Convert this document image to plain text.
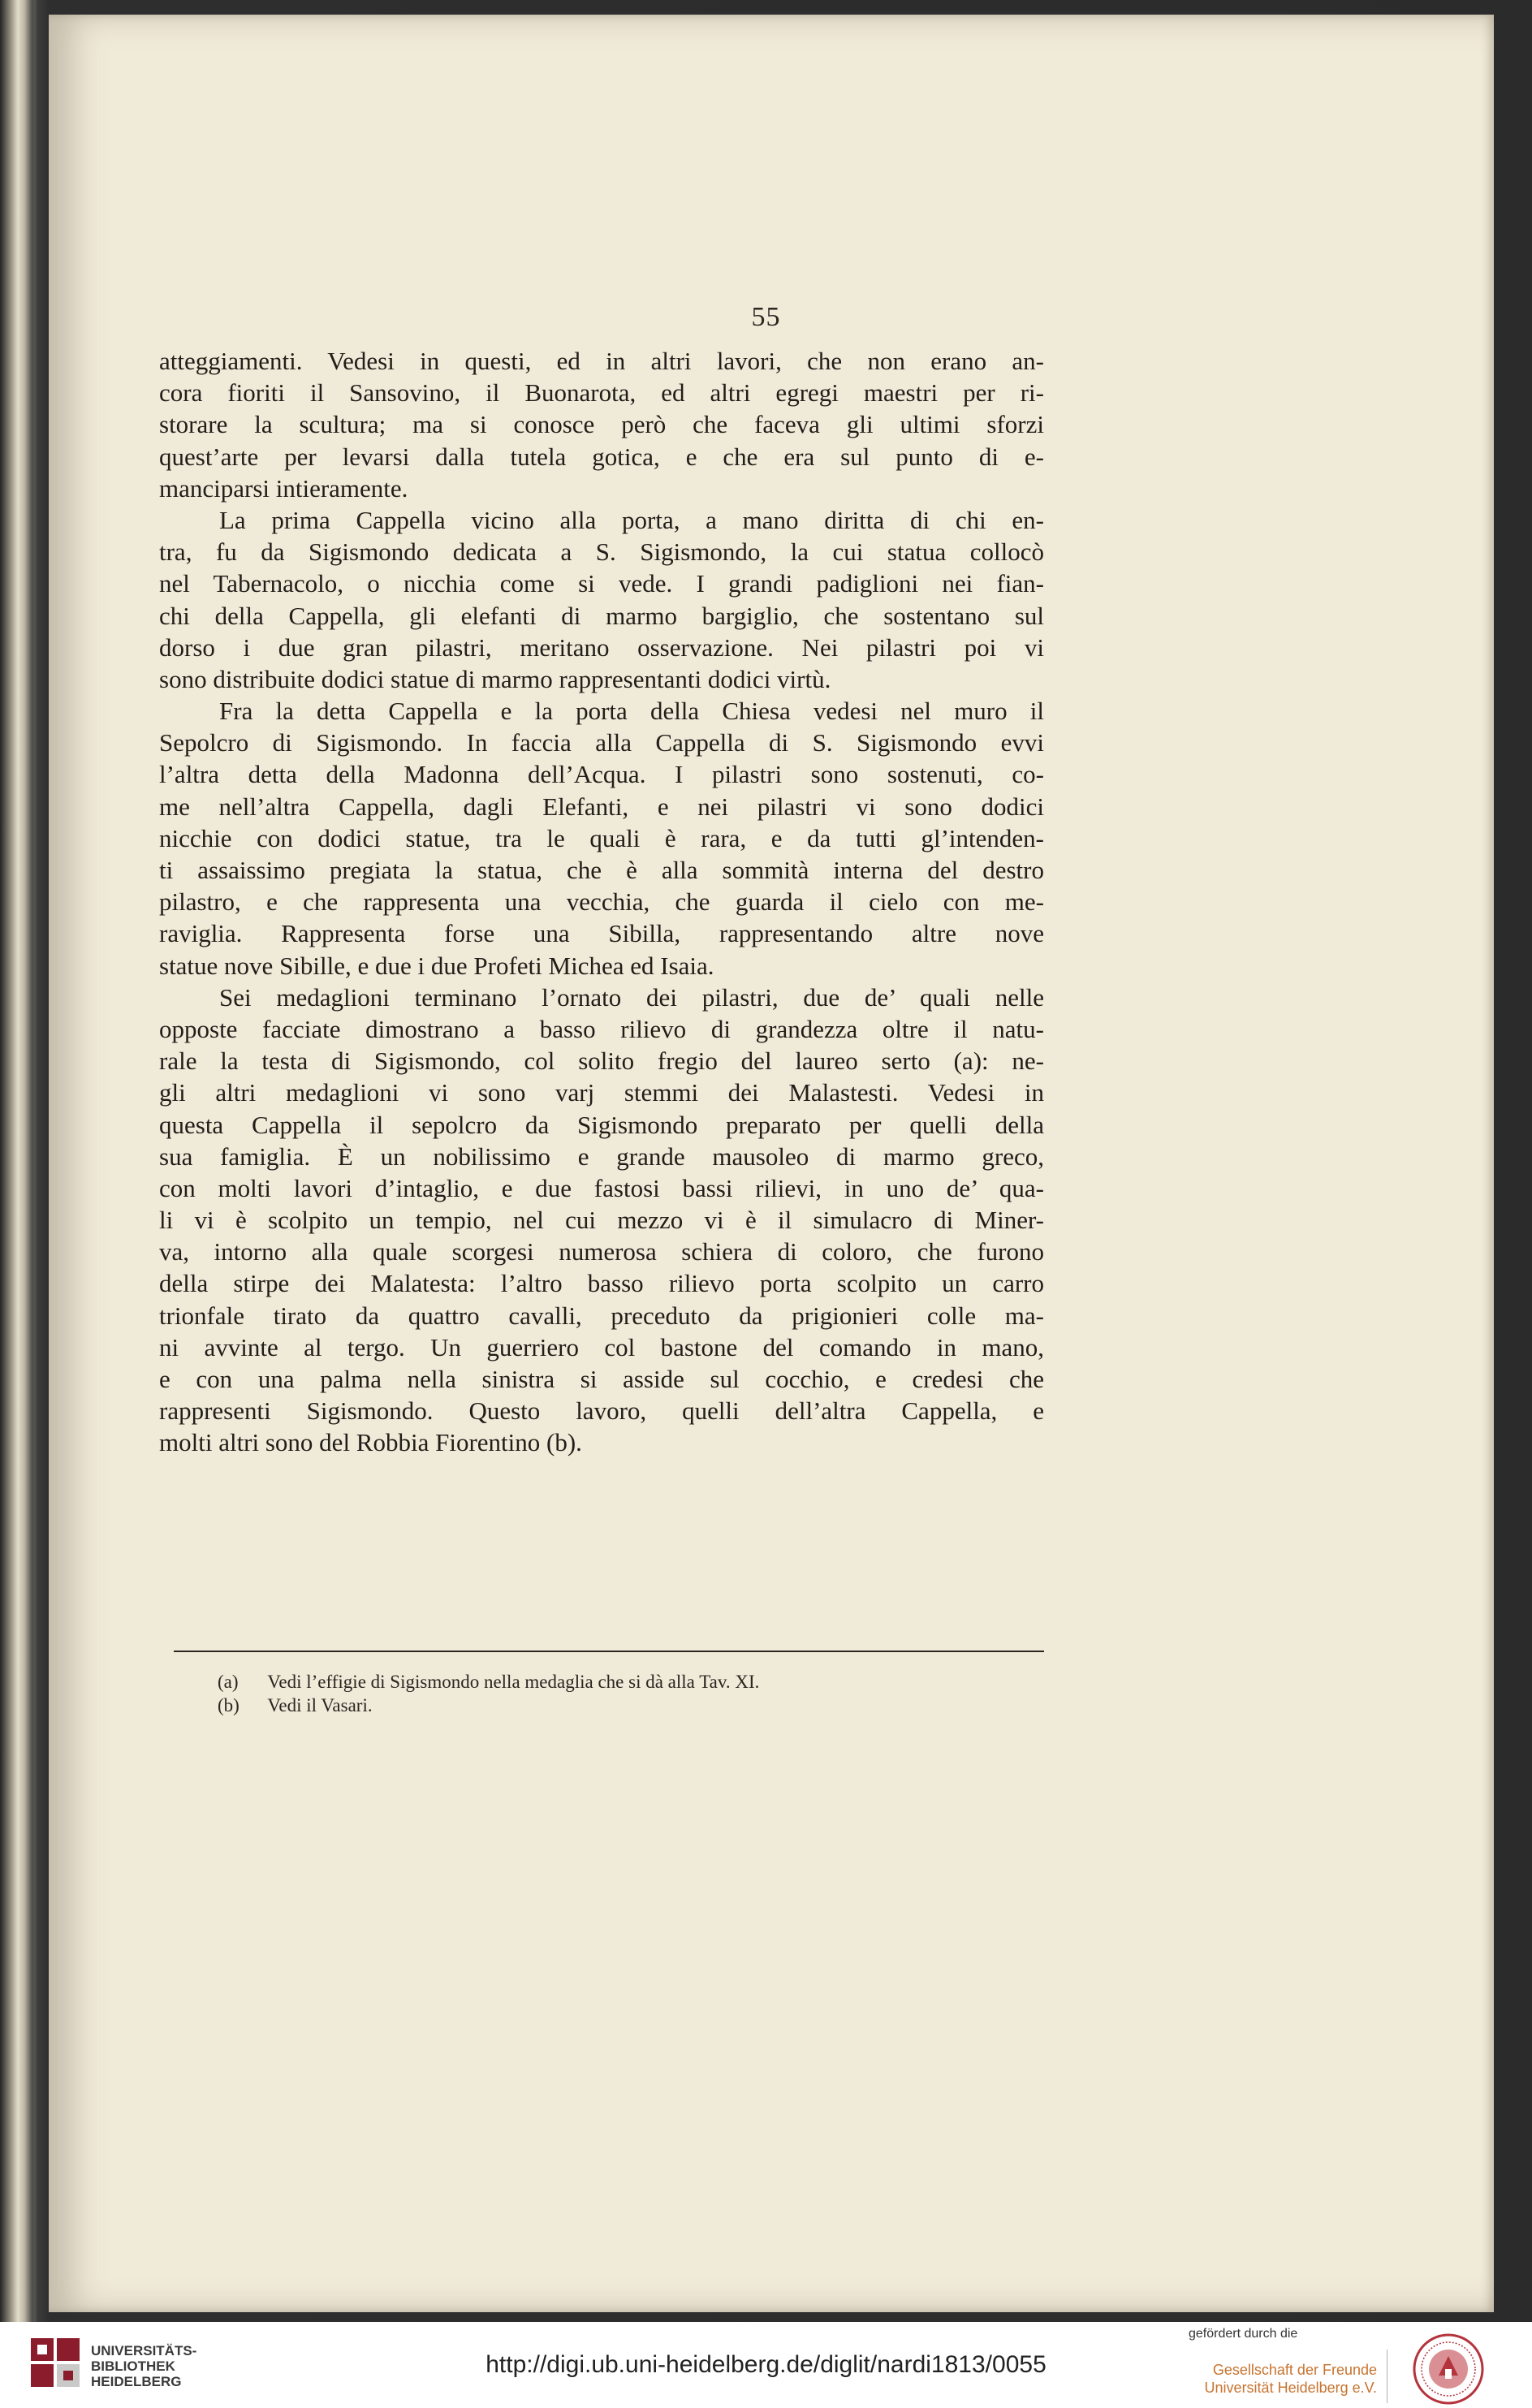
55
atteggiamenti. Vedesi in questi, ed in altri lavori, che non erano an-
cora fioriti il Sansovino, il Buonarota, ed altri egregi maestri per ri-
storare la scultura; ma si conosce però che faceva gli ultimi sforzi
quest’arte per levarsi dalla tutela gotica, e che era sul punto di e-
manciparsi intieramente.
La prima Cappella vicino alla porta, a mano diritta di chi en-
tra, fu da Sigismondo dedicata a S. Sigismondo, la cui statua collocò
nel Tabernacolo, o nicchia come si vede. I grandi padiglioni nei fian-
chi della Cappella, gli elefanti di marmo bargiglio, che sostentano sul
dorso i due gran pilastri, meritano osservazione. Nei pilastri poi vi
sono distribuite dodici statue di marmo rappresentanti dodici virtù.
Fra la detta Cappella e la porta della Chiesa vedesi nel muro il
Sepolcro di Sigismondo. In faccia alla Cappella di S. Sigismondo evvi
l’altra detta della Madonna dell’Acqua. I pilastri sono sostenuti, co-
me nell’altra Cappella, dagli Elefanti, e nei pilastri vi sono dodici
nicchie con dodici statue, tra le quali è rara, e da tutti gl’intenden-
ti assaissimo pregiata la statua, che è alla sommità interna del destro
pilastro, e che rappresenta una vecchia, che guarda il cielo con me-
raviglia. Rappresenta forse una Sibilla, rappresentando altre nove
statue nove Sibille, e due i due Profeti Michea ed Isaia.
Sei medaglioni terminano l’ornato dei pilastri, due de’ quali nelle
opposte facciate dimostrano a basso rilievo di grandezza oltre il natu-
rale la testa di Sigismondo, col solito fregio del laureo serto (a): ne-
gli altri medaglioni vi sono varj stemmi dei Malastesti. Vedesi in
questa Cappella il sepolcro da Sigismondo preparato per quelli della
sua famiglia. È un nobilissimo e grande mausoleo di marmo greco,
con molti lavori d’intaglio, e due fastosi bassi rilievi, in uno de’ qua-
li vi è scolpito un tempio, nel cui mezzo vi è il simulacro di Miner-
va, intorno alla quale scorgesi numerosa schiera di coloro, che furono
della stirpe dei Malatesta: l’altro basso rilievo porta scolpito un carro
trionfale tirato da quattro cavalli, preceduto da prigionieri colle ma-
ni avvinte al tergo. Un guerriero col bastone del comando in mano,
e con una palma nella sinistra si asside sul cocchio, e credesi che
rappresenti Sigismondo. Questo lavoro, quelli dell’altra Cappella, e
molti altri sono del Robbia Fiorentino (b).
(a) Vedi l’effigie di Sigismondo nella medaglia che si dà alla Tav. XI.
(b) Vedi il Vasari.
UNIVERSITÄTS-
BIBLIOTHEK
HEIDELBERG
http://digi.ub.uni-heidelberg.de/diglit/nardi1813/0055
gefördert durch die
Gesellschaft der Freunde
Universität Heidelberg e.V.
